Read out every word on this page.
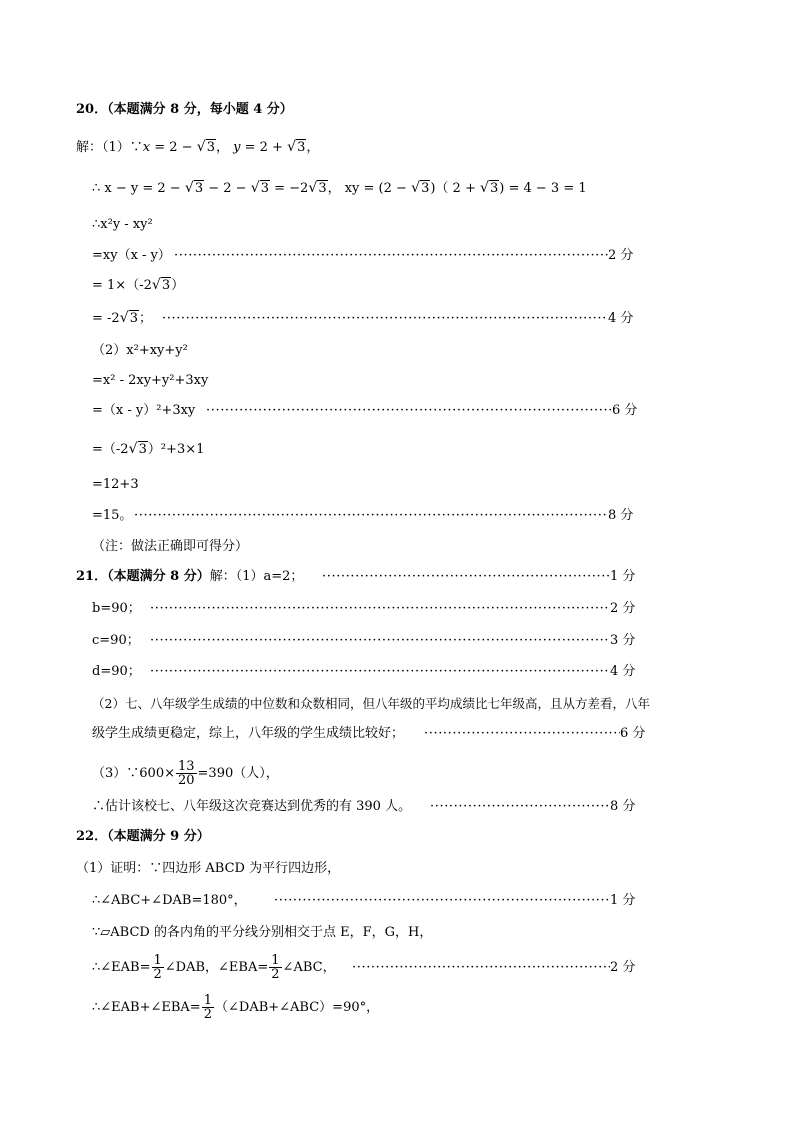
20．（本题满分 8 分，每小题 4 分）
解：（1）∵x = 2 − √ 3， y = 2 + √ 3，
∴ x − y = 2 − √ 3 − 2 − √ 3 = −2 √ 3， xy = (2 − √ 3)（ 2 + √ 3) = 4 − 3 = 1
∴x²y - xy²
=xy（x - y） ·····	2 分
= 1×（-2 √ 3）
= -2 √ 3； ·····	4 分
（2）x²+xy+y²
=x² - 2xy+y²+3xy
=（x - y）²+3xy ·····	6 分
=（-2 √ 3）²+3×1
=12+3
=15。 ·····	8 分
（注：做法正确即可得分）
21．（本题满分 8 分）解：（1）a=2； ·····	1 分
b=90； ·····	2 分
c=90； ·····	3 分
d=90； ·····	4 分
（2）七、八年级学生成绩的中位数和众数相同，但八年级的平均成绩比七年级高，且从方差看，八年
级学生成绩更稳定，综上，八年级的学生成绩比较好； ·····	6 分
（3）∵600× $\frac{13}{20} =390$（人），
∴估计该校七、八年级这次竞赛达到优秀的有 390 人。 ·····	8 分
22．（本题满分 9 分）
（1）证明：∵四边形 ABCD 为平行四边形，
∴∠ABC+∠DAB=180°， ·····	1 分
∵▱ABCD 的各内角的平分线分别相交于点 E，F，G，H，
∴∠EAB= $\frac{1}{2}$ ∠DAB，∠EBA= $\frac{1}{2}$ ∠ABC， ·····	2 分
∴∠EAB+∠EBA= $\frac{1}{2}$ （∠DAB+∠ABC）=90°，
